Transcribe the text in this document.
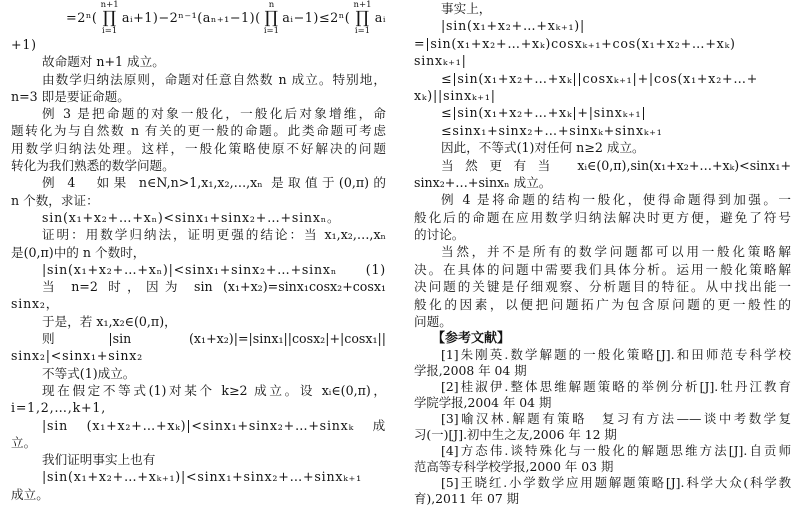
=2ⁿ(
n+1
∏
i=1
aᵢ+1)−2ⁿ⁻¹(aₙ₊₁−1)(
n
∏
i=1
aᵢ−1)≤2ⁿ(
n+1
∏
i=1
aᵢ
+1)
故命题对 n+1 成立。
由数学归纳法原则，命题对任意自然数 n 成立。特别地，
n=3 即是要证命题。
例 3 是把命题的对象一般化，一般化后对象增维，命
题转化为与自然数 n 有关的更一般的命题。此类命题可考虑
用数学归纳法处理。这样，一般化策略使原不好解决的问题
转化为我们熟悉的数学问题。
例 4　如果 n∈N,n>1,x₁,x₂,…,xₙ 是取值于(0,π)的
n 个数，求证：
sin(x₁+x₂+…+xₙ)<sinx₁+sinx₂+…+sinxₙ。
证明：用数学归纳法，证明更强的结论：当 x₁,x₂,…,xₙ
是(0,π)中的 n 个数时，
|sin(x₁+x₂+…+xₙ)|<sinx₁+sinx₂+…+sinxₙ (1)
当 n=2 时，因为 sin (x₁+x₂)=sinx₁cosx₂+cosx₁
sinx₂，
于是，若 x₁,x₂∈(0,π)，
则|sin (x₁+x₂)|=|sinx₁||cosx₂|+|cosx₁||
sinx₂|<sinx₁+sinx₂
不等式(1)成立。
现在假定不等式(1)对某个 k≥2 成立。设 xᵢ∈(0,π)，
i=1,2,…,k+1,
|sin (x₁+x₂+…+xₖ)|<sinx₁+sinx₂+…+sinxₖ 成
立。
我们证明事实上也有
|sin(x₁+x₂+…+xₖ₊₁)|<sinx₁+sinx₂+…+sinxₖ₊₁
成立。
事实上，
|sin(x₁+x₂+…+xₖ₊₁)|
=|sin(x₁+x₂+…+xₖ)cosxₖ₊₁+cos(x₁+x₂+…+xₖ)
sinxₖ₊₁|
≤|sin(x₁+x₂+…+xₖ||cosxₖ₊₁|+|cos(x₁+x₂+…+
xₖ)||sinxₖ₊₁|
≤|sin(x₁+x₂+…+xₖ|+|sinxₖ₊₁|
≤sinx₁+sinx₂+…+sinxₖ+sinxₖ₊₁
因此，不等式(1)对任何 n≥2 成立。
当然更有当 xᵢ∈(0,π),sin(x₁+x₂+…+xₖ)<sinx₁+
sinx₂+…+sinxₙ 成立。
例 4 是将命题的结构一般化，使得命题得到加强。一
般化后的命题在应用数学归纳法解决时更方便，避免了符号
的讨论。
当然，并不是所有的数学问题都可以用一般化策略解
决。在具体的问题中需要我们具体分析。运用一般化策略解
决问题的关键是仔细观察、分析题目的特征。从中找出能一
般化的因素，以便把问题拓广为包含原问题的更一般性的
问题。
【参考文献】
[1]朱刚英.数学解题的一般化策略[J].和田师范专科学校
学报,2008 年 04 期
[2]桂淑伊.整体思维解题策略的举例分析[J].牡丹江教育
学院学报,2004 年 04 期
[3]喻汉林.解题有策略　复习有方法——谈中考数学复
习(一)[J].初中生之友,2006 年 12 期
[4]方态伟.谈特殊化与一般化的解题思维方法[J].自贡师
范高等专科学校学报,2000 年 03 期
[5]王晓红.小学数学应用题解题策略[J].科学大众(科学教
育),2011 年 07 期
